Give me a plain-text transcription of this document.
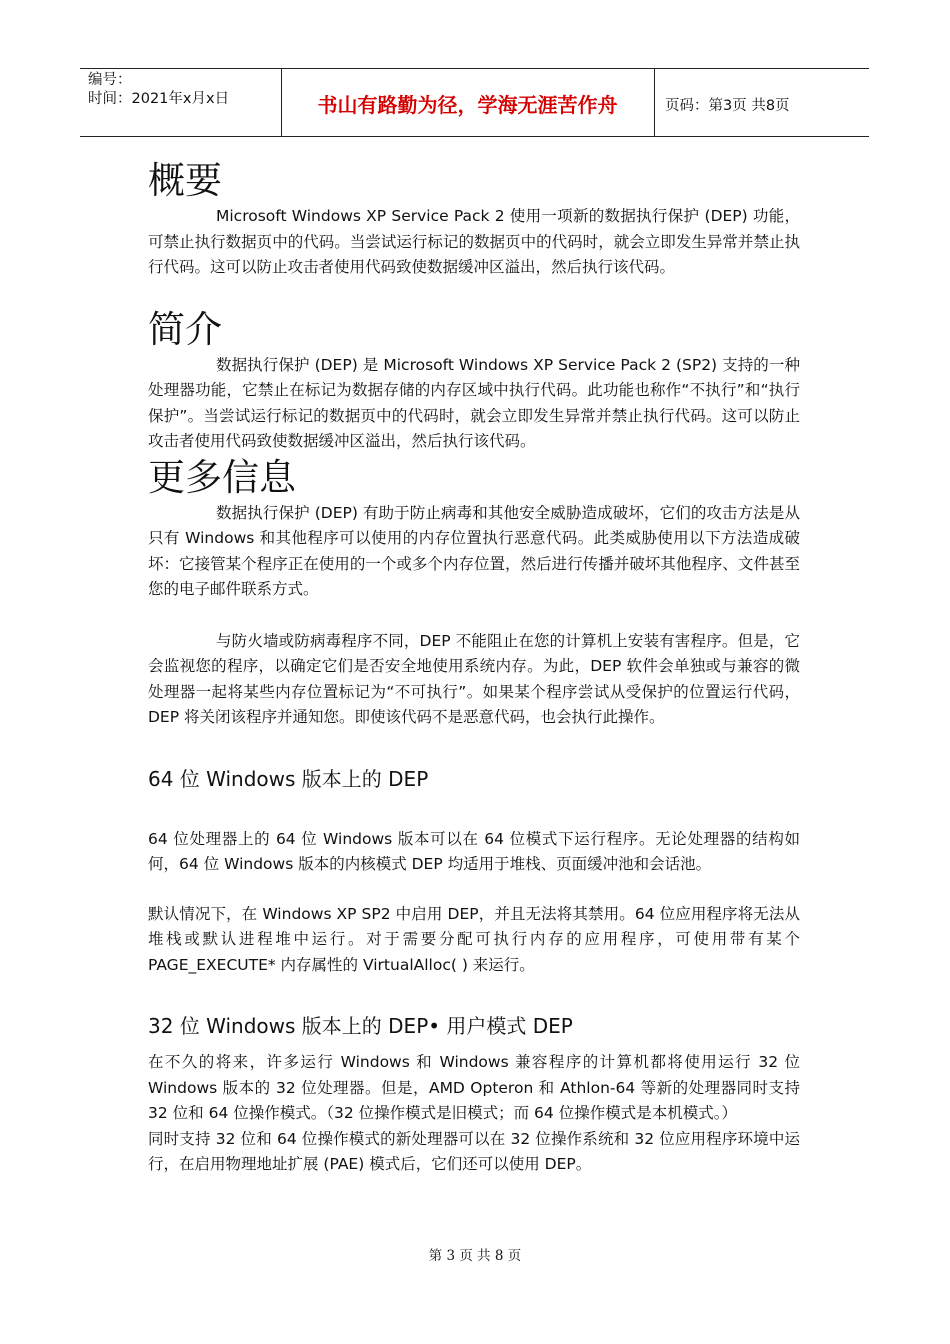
编号：
时间：2021年x月x日	书山有路勤为径，学海无涯苦作舟	页码：第3页 共8页
概要

Microsoft Windows XP Service Pack 2 使用一项新的数据执行保护 (DEP) 功能，可禁止执行数据页中的代码。当尝试运行标记的数据页中的代码时，就会立即发生异常并禁止执行代码。这可以防止攻击者使用代码致使数据缓冲区溢出，然后执行该代码。

简介

数据执行保护 (DEP) 是 Microsoft Windows XP Service Pack 2 (SP2) 支持的一种处理器功能，它禁止在标记为数据存储的内存区域中执行代码。此功能也称作“不执行”和“执行保护”。当尝试运行标记的数据页中的代码时，就会立即发生异常并禁止执行代码。这可以防止攻击者使用代码致使数据缓冲区溢出，然后执行该代码。

更多信息

数据执行保护 (DEP) 有助于防止病毒和其他安全威胁造成破坏，它们的攻击方法是从只有 Windows 和其他程序可以使用的内存位置执行恶意代码。此类威胁使用以下方法造成破坏：它接管某个程序正在使用的一个或多个内存位置，然后进行传播并破坏其他程序、文件甚至您的电子邮件联系方式。

与防火墙或防病毒程序不同，DEP 不能阻止在您的计算机上安装有害程序。但是，它会监视您的程序，以确定它们是否安全地使用系统内存。为此，DEP 软件会单独或与兼容的微处理器一起将某些内存位置标记为“不可执行”。如果某个程序尝试从受保护的位置运行代码，DEP 将关闭该程序并通知您。即使该代码不是恶意代码，也会执行此操作。

64 位 Windows 版本上的 DEP

64 位处理器上的 64 位 Windows 版本可以在 64 位模式下运行程序。无论处理器的结构如何，64 位 Windows 版本的内核模式 DEP 均适用于堆栈、页面缓冲池和会话池。

默认情况下，在 Windows XP SP2 中启用 DEP，并且无法将其禁用。64 位应用程序将无法从堆栈或默认进程堆中运行。对于需要分配可执行内存的应用程序，可使用带有某个 PAGE_EXECUTE* 内存属性的 VirtualAlloc( ) 来运行。

32 位 Windows 版本上的 DEP• 用户模式 DEP

在不久的将来，许多运行 Windows 和 Windows 兼容程序的计算机都将使用运行 32 位 Windows 版本的 32 位处理器。但是，AMD Opteron 和 Athlon-64 等新的处理器同时支持 32 位和 64 位操作模式。（32 位操作模式是旧模式；而 64 位操作模式是本机模式。）

同时支持 32 位和 64 位操作模式的新处理器可以在 32 位操作系统和 32 位应用程序环境中运行，在启用物理地址扩展 (PAE) 模式后，它们还可以使用 DEP。

第 3 页 共 8 页
